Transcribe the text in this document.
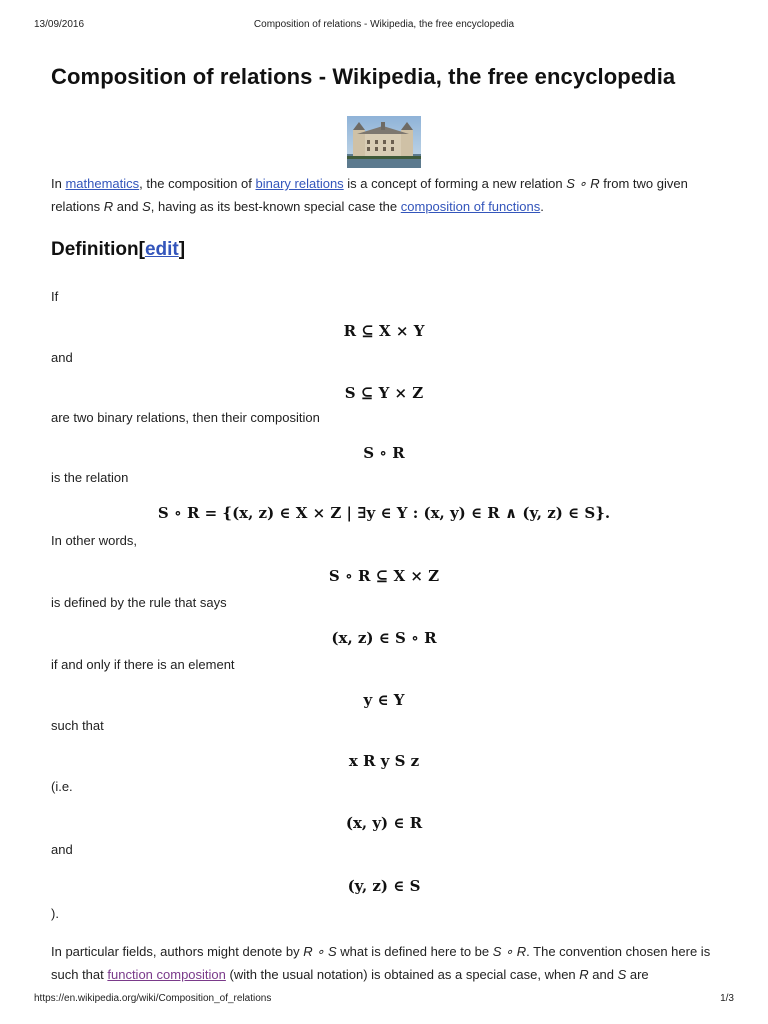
13/09/2016	Composition of relations - Wikipedia, the free encyclopedia
Composition of relations - Wikipedia, the free encyclopedia

In mathematics, the composition of binary relations is a concept of forming a new relation S ∘ R from two given relations R and S, having as its best-known special case the composition of functions.

Definition[edit]
If
R ⊆ X × Y
and
S ⊆ Y × Z
are two binary relations, then their composition
S ∘ R
is the relation
S ∘ R = {(x, z) ∈ X × Z | ∃y ∈ Y : (x, y) ∈ R ∧ (y, z) ∈ S}.
In other words,
S ∘ R ⊆ X × Z
is defined by the rule that says
(x, z) ∈ S ∘ R
if and only if there is an element
y ∈ Y
such that
x R y S z
(i.e.
(x, y) ∈ R
and
(y, z) ∈ S
).

In particular fields, authors might denote by R ∘ S what is defined here to be S ∘ R. The convention chosen here is such that function composition (with the usual notation) is obtained as a special case, when R and S are

https://en.wikipedia.org/wiki/Composition_of_relations	1/3
